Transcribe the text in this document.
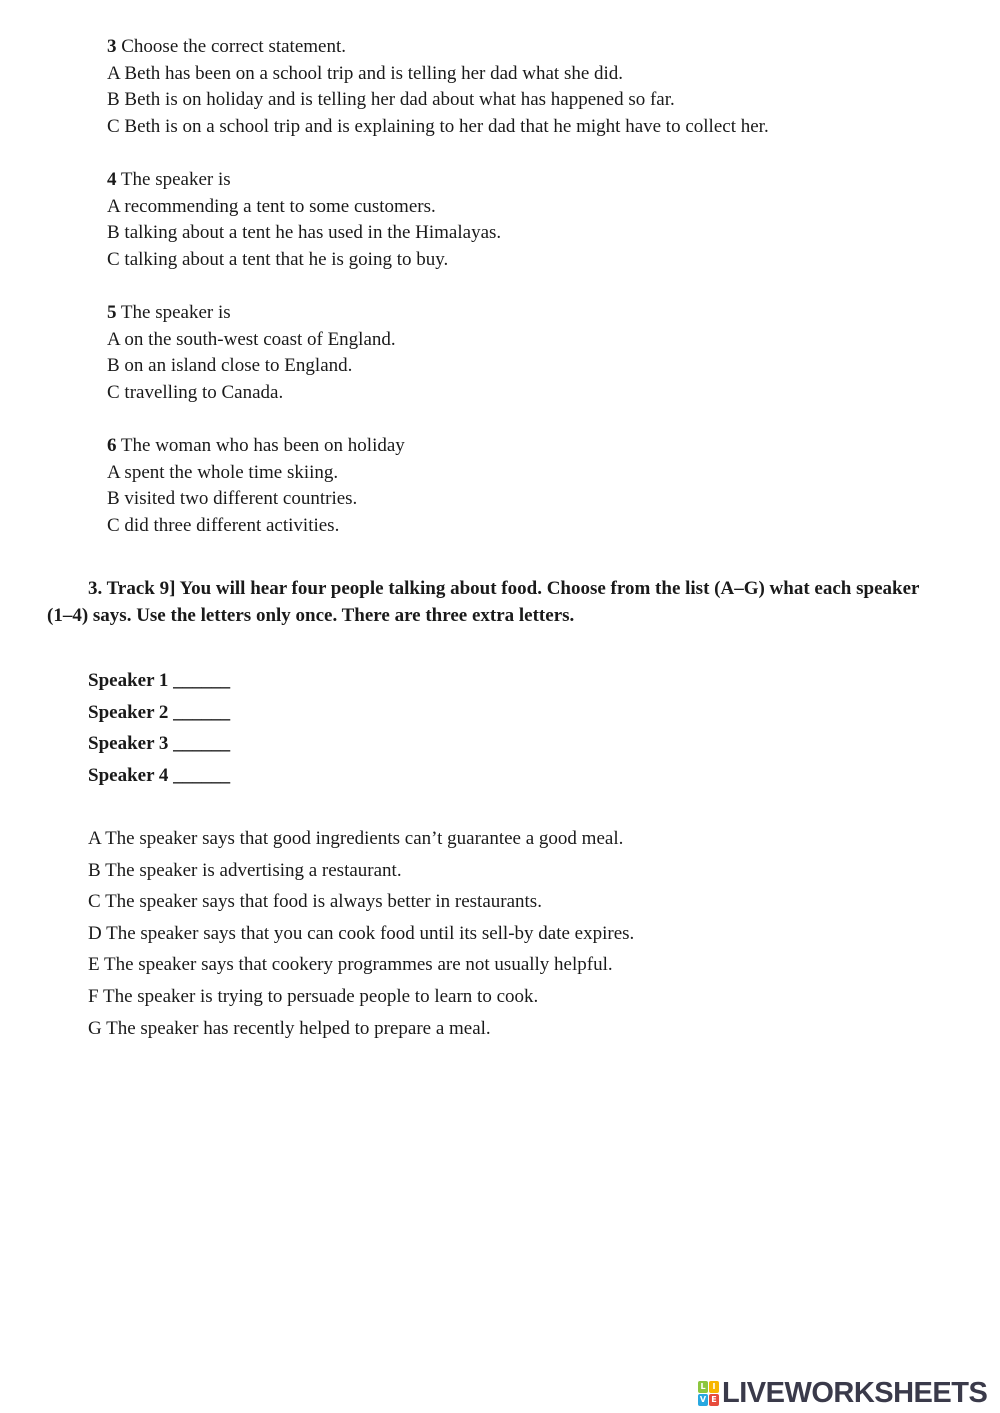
3 Choose the correct statement.
A Beth has been on a school trip and is telling her dad what she did.
B Beth is on holiday and is telling her dad about what has happened so far.
C Beth is on a school trip and is explaining to her dad that he might have to collect her.
4 The speaker is
A recommending a tent to some customers.
B talking about a tent he has used in the Himalayas.
C talking about a tent that he is going to buy.
5 The speaker is
A on the south-west coast of England.
B on an island close to England.
C travelling to Canada.
6 The woman who has been on holiday
A spent the whole time skiing.
B visited two different countries.
C did three different activities.
3. Track 9] You will hear four people talking about food. Choose from the list (A–G) what each speaker (1–4) says. Use the letters only once. There are three extra letters.
Speaker 1 ______
Speaker 2 ______
Speaker 3 ______
Speaker 4 ______
A The speaker says that good ingredients can’t guarantee a good meal.
B The speaker is advertising a restaurant.
C The speaker says that food is always better in restaurants.
D The speaker says that you can cook food until its sell-by date expires.
E The speaker says that cookery programmes are not usually helpful.
F The speaker is trying to persuade people to learn to cook.
G The speaker has recently helped to prepare a meal.
L I
V E LIVEWORKSHEETS
